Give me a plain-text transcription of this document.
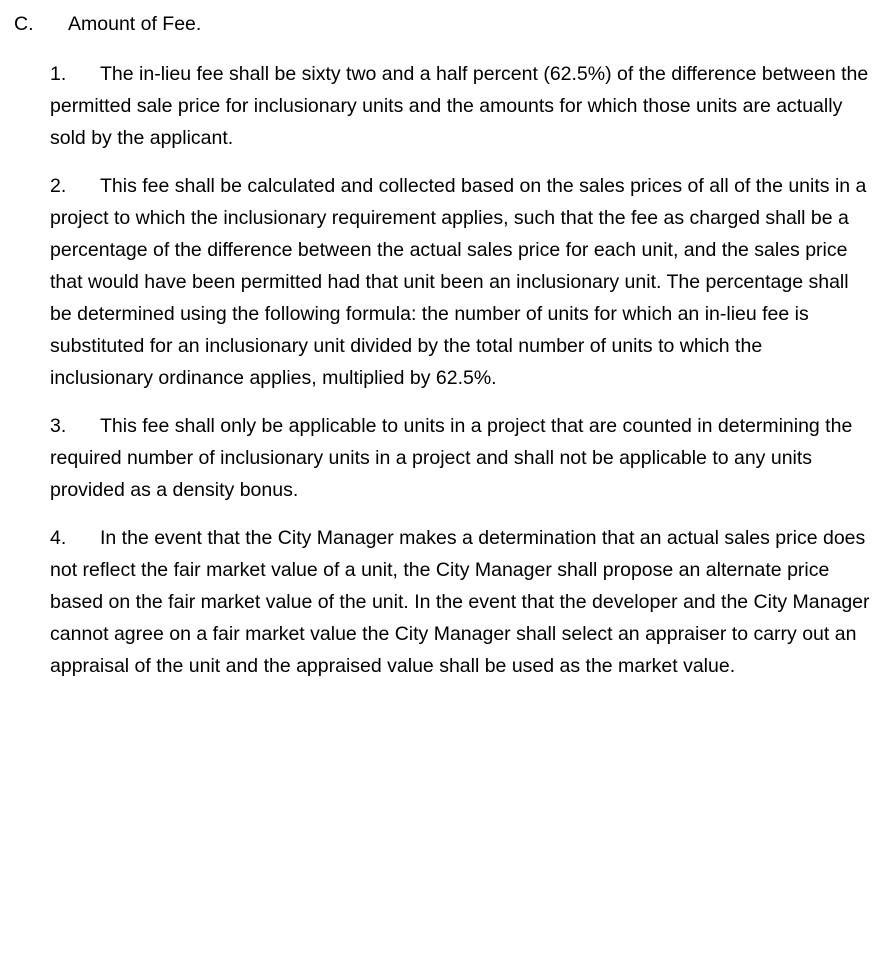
C. Amount of Fee.

1. The in-lieu fee shall be sixty two and a half percent (62.5%) of the difference between the permitted sale price for inclusionary units and the amounts for which those units are actually sold by the applicant.

2. This fee shall be calculated and collected based on the sales prices of all of the units in a project to which the inclusionary requirement applies, such that the fee as charged shall be a percentage of the difference between the actual sales price for each unit, and the sales price that would have been permitted had that unit been an inclusionary unit. The percentage shall be determined using the following formula: the number of units for which an in-lieu fee is substituted for an inclusionary unit divided by the total number of units to which the inclusionary ordinance applies, multiplied by 62.5%.

3. This fee shall only be applicable to units in a project that are counted in determining the required number of inclusionary units in a project and shall not be applicable to any units provided as a density bonus.

4. In the event that the City Manager makes a determination that an actual sales price does not reflect the fair market value of a unit, the City Manager shall propose an alternate price based on the fair market value of the unit. In the event that the developer and the City Manager cannot agree on a fair market value the City Manager shall select an appraiser to carry out an appraisal of the unit and the appraised value shall be used as the market value.
